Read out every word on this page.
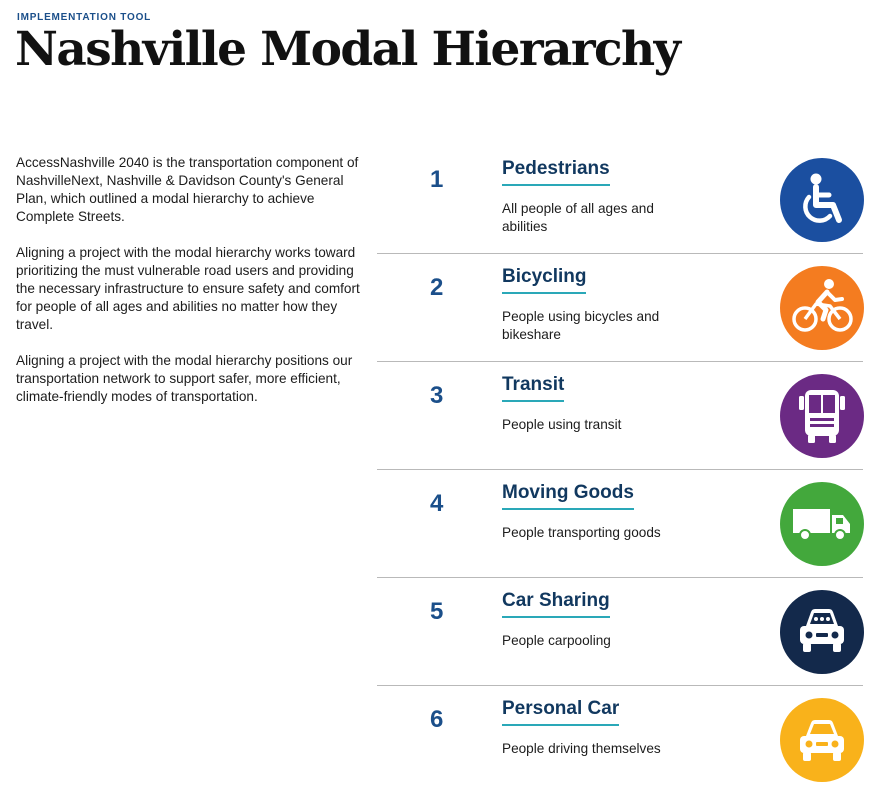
IMPLEMENTATION TOOL
Nashville Modal Hierarchy

AccessNashville 2040 is the transportation component of NashvilleNext, Nashville & Davidson County's General Plan, which outlined a modal hierarchy to achieve Complete Streets.

Aligning a project with the modal hierarchy works toward prioritizing the must vulnerable road users and providing the necessary infrastructure to ensure safety and comfort for people of all ages and abilities no matter how they travel.

Aligning a project with the modal hierarchy positions our transportation network to support safer, more efficient, climate-friendly modes of transportation.

1	Pedestrians
All people of all ages and abilities
2	Bicycling
People using bicycles and bikeshare
3	Transit
People using transit
4	Moving Goods
People transporting goods
5	Car Sharing
People carpooling
6	Personal Car
People driving themselves
